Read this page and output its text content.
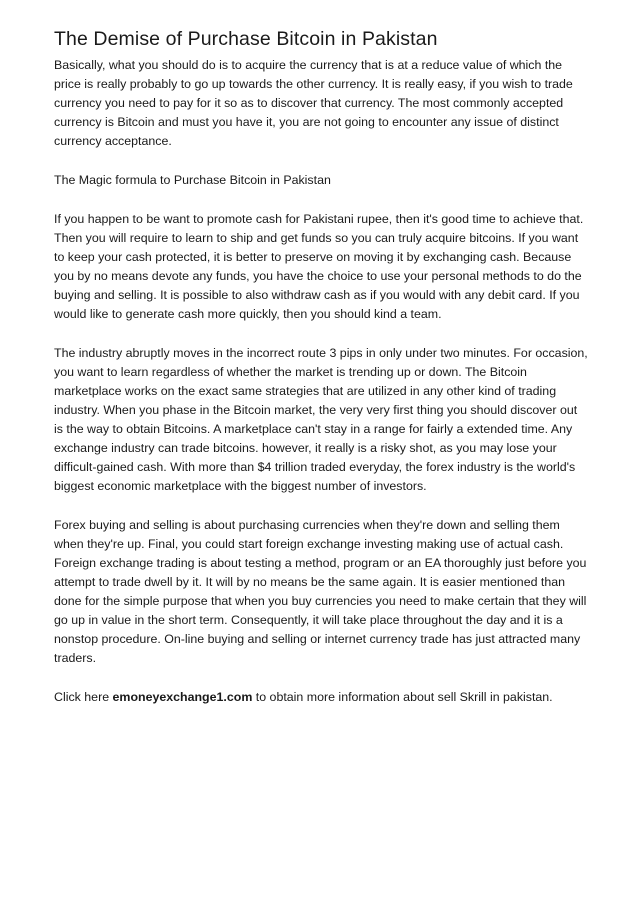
The Demise of Purchase Bitcoin in Pakistan

Basically, what you should do is to acquire the currency that is at a reduce value of which the price is really probably to go up towards the other currency. It is really easy, if you wish to trade currency you need to pay for it so as to discover that currency. The most commonly accepted currency is Bitcoin and must you have it, you are not going to encounter any issue of distinct currency acceptance.

The Magic formula to Purchase Bitcoin in Pakistan

If you happen to be want to promote cash for Pakistani rupee, then it's good time to achieve that. Then you will require to learn to ship and get funds so you can truly acquire bitcoins. If you want to keep your cash protected, it is better to preserve on moving it by exchanging cash. Because you by no means devote any funds, you have the choice to use your personal methods to do the buying and selling. It is possible to also withdraw cash as if you would with any debit card. If you would like to generate cash more quickly, then you should kind a team.

The industry abruptly moves in the incorrect route 3 pips in only under two minutes. For occasion, you want to learn regardless of whether the market is trending up or down. The Bitcoin marketplace works on the exact same strategies that are utilized in any other kind of trading industry. When you phase in the Bitcoin market, the very very first thing you should discover out is the way to obtain Bitcoins. A marketplace can't stay in a range for fairly a extended time. Any exchange industry can trade bitcoins. however, it really is a risky shot, as you may lose your difficult-gained cash. With more than $4 trillion traded everyday, the forex industry is the world's biggest economic marketplace with the biggest number of investors.

Forex buying and selling is about purchasing currencies when they're down and selling them when they're up. Final, you could start foreign exchange investing making use of actual cash. Foreign exchange trading is about testing a method, program or an EA thoroughly just before you attempt to trade dwell by it. It will by no means be the same again. It is easier mentioned than done for the simple purpose that when you buy currencies you need to make certain that they will go up in value in the short term. Consequently, it will take place throughout the day and it is a nonstop procedure. On-line buying and selling or internet currency trade has just attracted many traders.

Click here emoneyexchange1.com to obtain more information about sell Skrill in pakistan.
